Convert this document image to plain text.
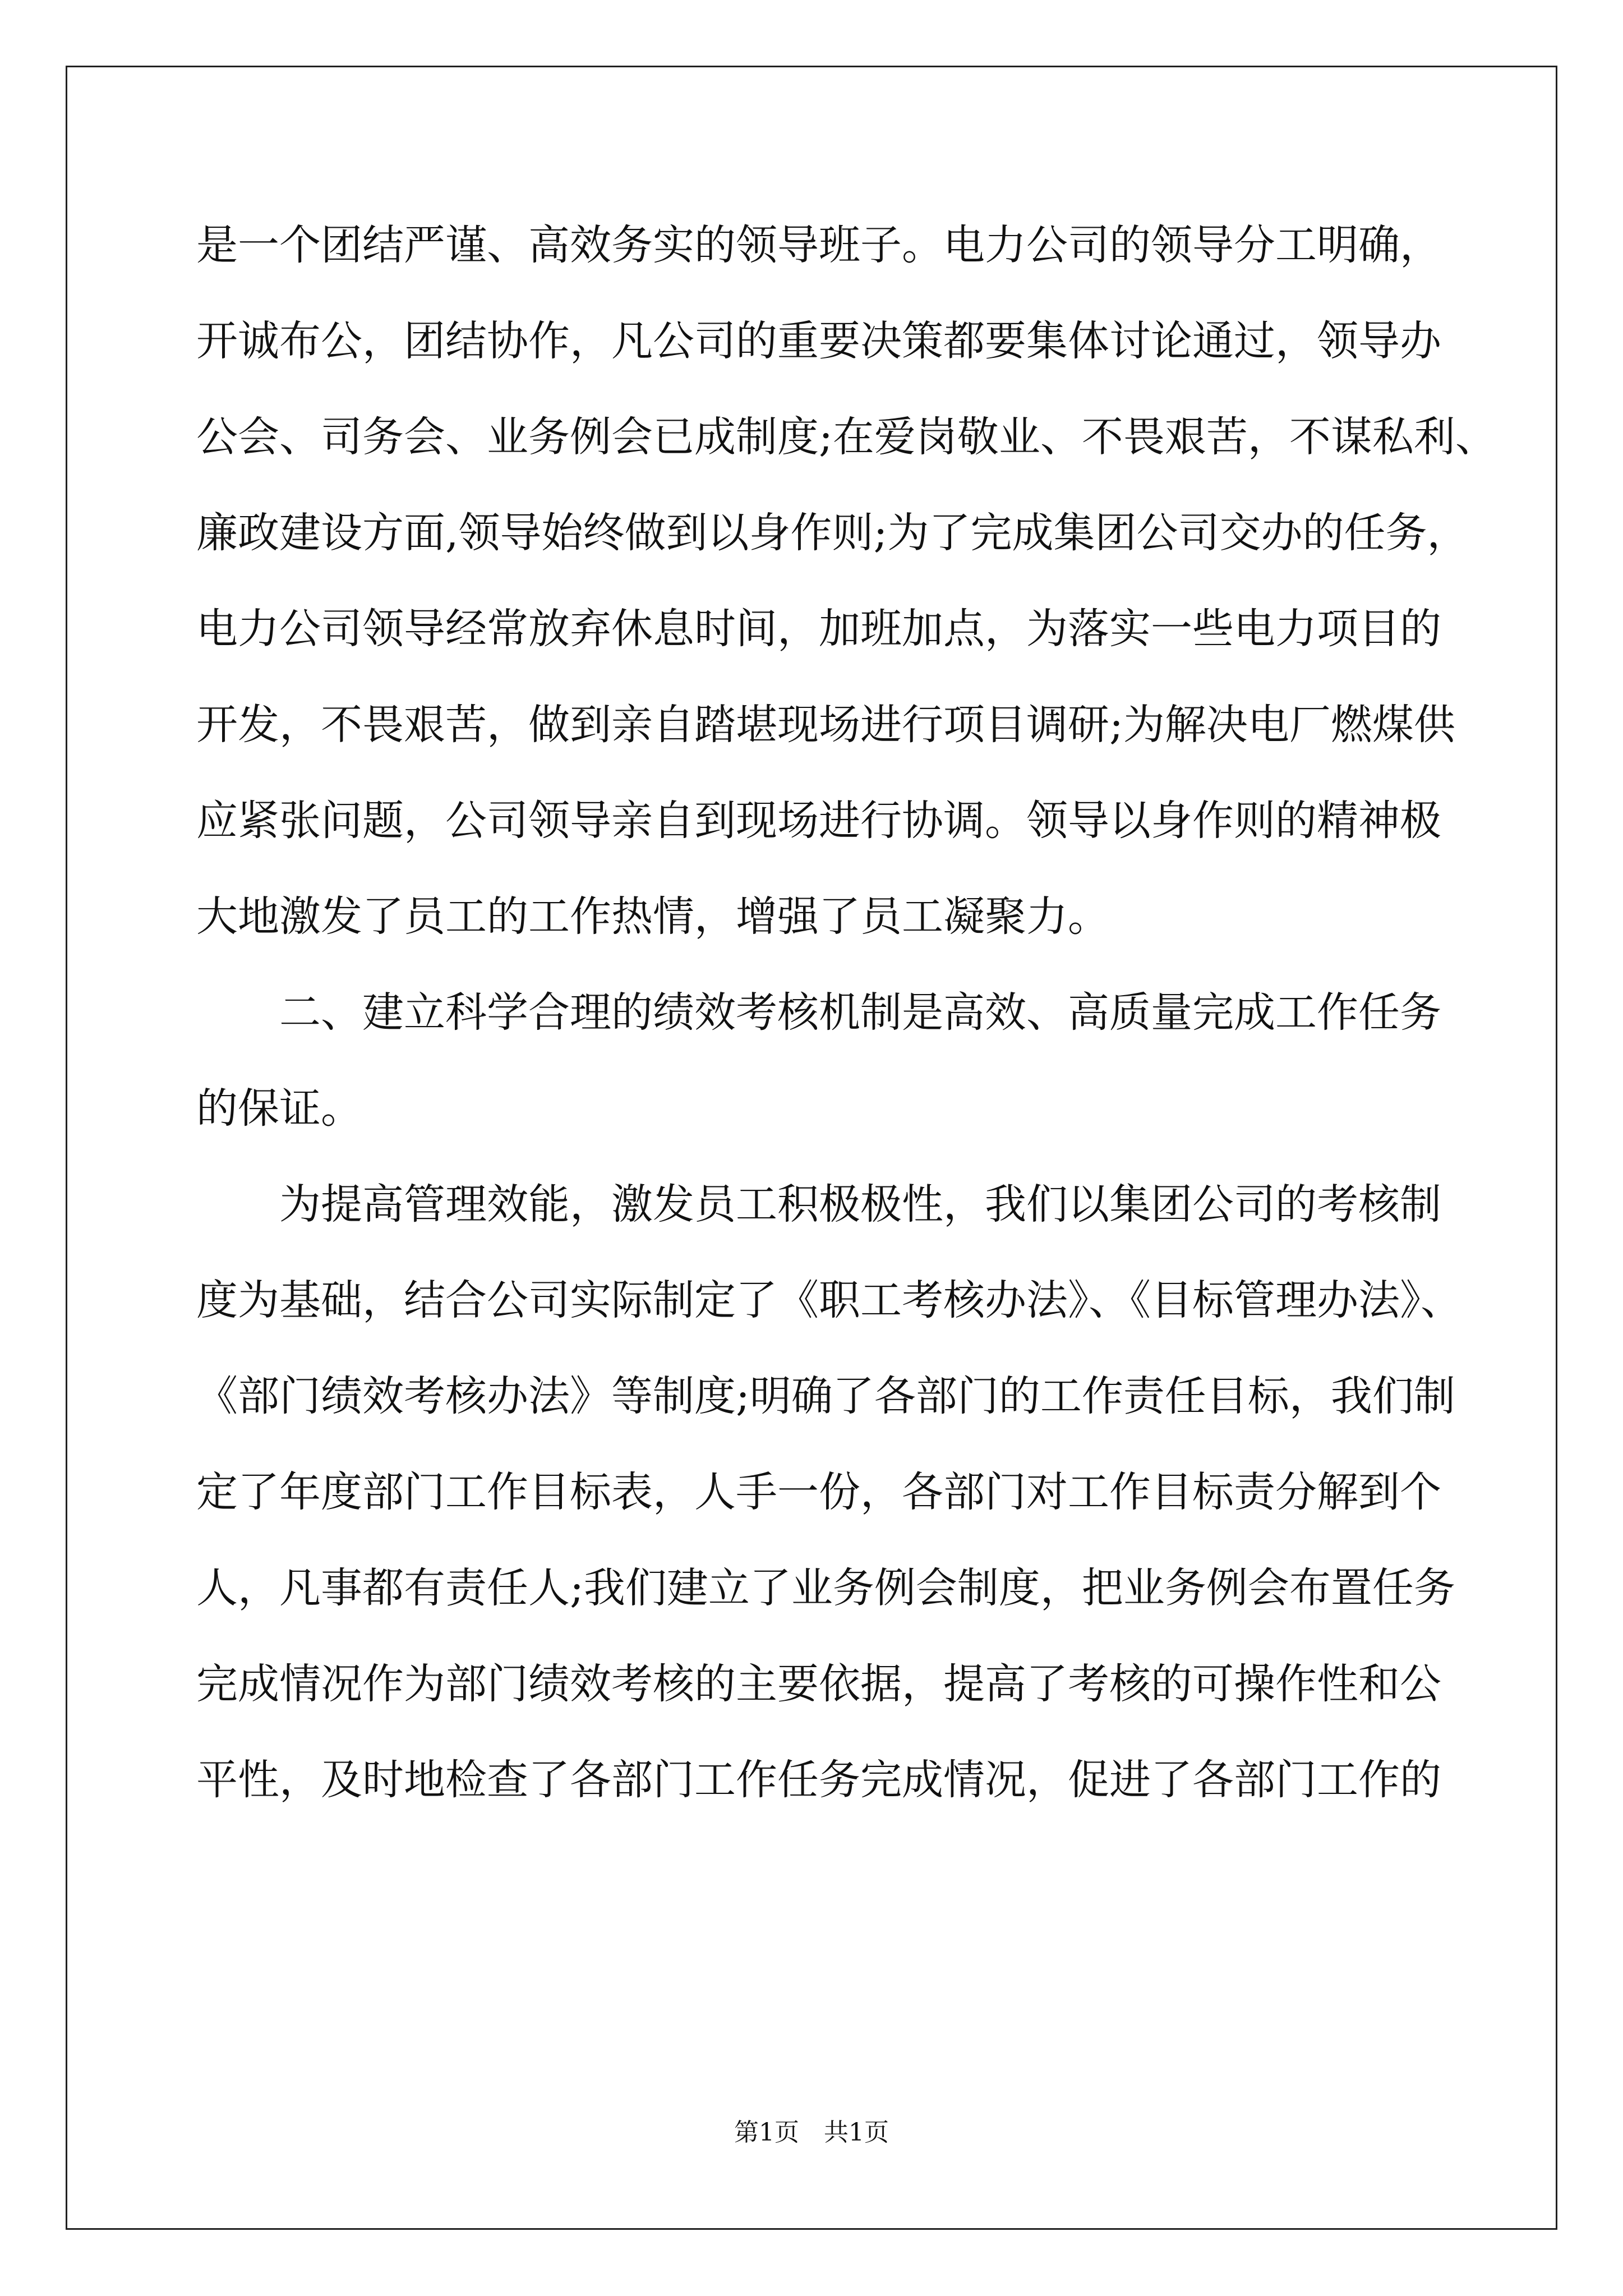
是一个团结严谨、高效务实的领导班子。电力公司的领导分工明确，
开诚布公，团结协作，凡公司的重要决策都要集体讨论通过，领导办
公会、司务会、业务例会已成制度;在爱岗敬业、不畏艰苦，不谋私利、
廉政建设方面,领导始终做到以身作则;为了完成集团公司交办的任务，
电力公司领导经常放弃休息时间，加班加点，为落实一些电力项目的
开发，不畏艰苦，做到亲自踏堪现场进行项目调研;为解决电厂燃煤供
应紧张问题，公司领导亲自到现场进行协调。领导以身作则的精神极
大地激发了员工的工作热情，增强了员工凝聚力。
二、建立科学合理的绩效考核机制是高效、高质量完成工作任务
的保证。
为提高管理效能，激发员工积极极性，我们以集团公司的考核制
度为基础，结合公司实际制定了《职工考核办法》、《目标管理办法》、
《部门绩效考核办法》等制度;明确了各部门的工作责任目标，我们制
定了年度部门工作目标表，人手一份，各部门对工作目标责分解到个
人，凡事都有责任人;我们建立了业务例会制度，把业务例会布置任务
完成情况作为部门绩效考核的主要依据，提高了考核的可操作性和公
平性，及时地检查了各部门工作任务完成情况，促进了各部门工作的
第1页　共1页
